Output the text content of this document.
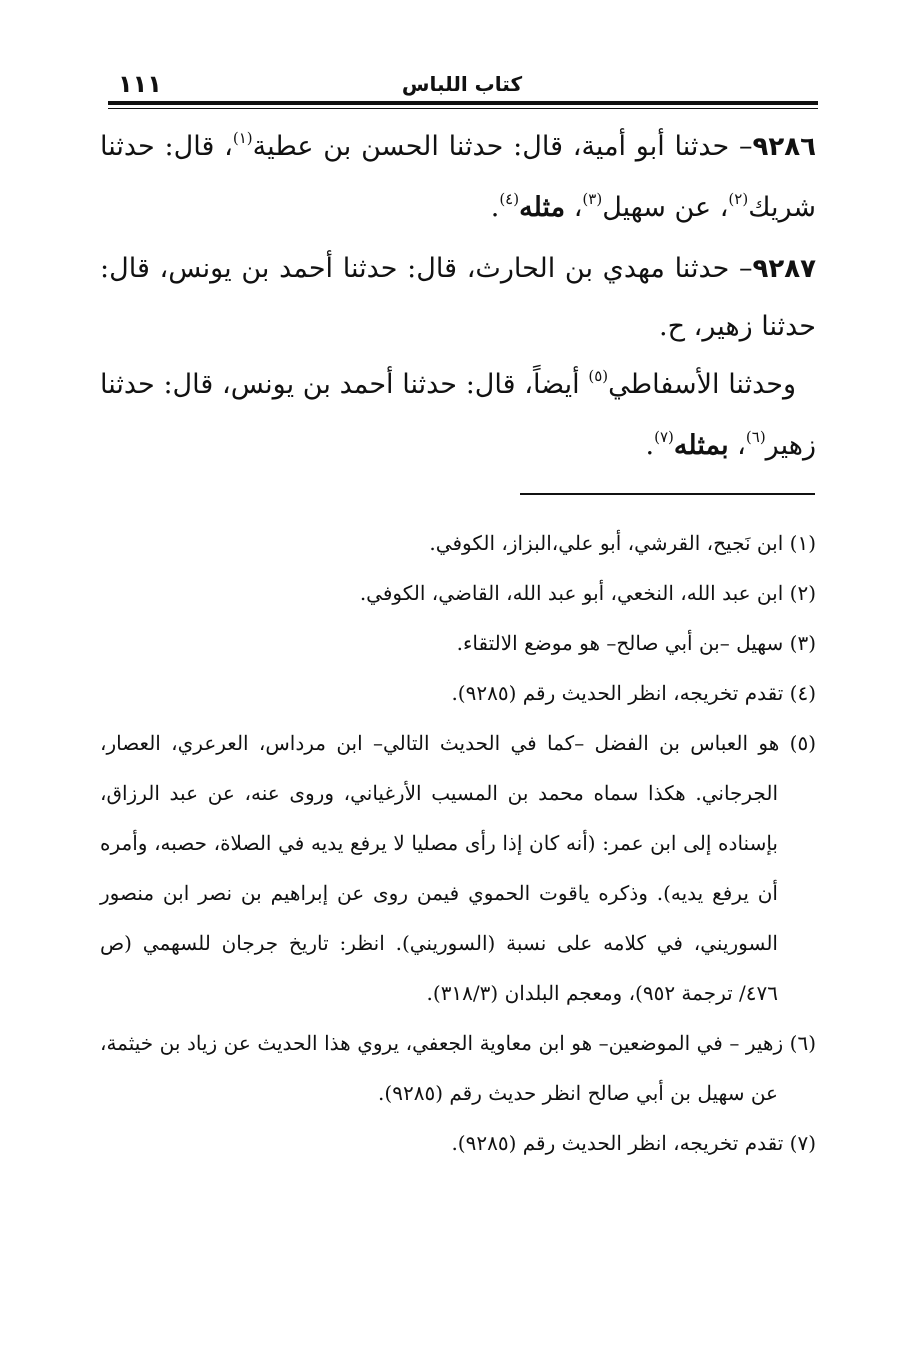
كتاب اللباس
١١١

٩٢٨٦– حدثنا أبو أمية، قال: حدثنا الحسن بن عطية$^{(١)}$، قال: حدثنا شريك$^{(٢)}$، عن سهيل$^{(٣)}$، مثله$^{(٤)}$.

٩٢٨٧– حدثنا مهدي بن الحارث، قال: حدثنا أحمد بن يونس، قال: حدثنا زهير، ح.

وحدثنا الأسفاطي$^{(٥)}$ أيضاً، قال: حدثنا أحمد بن يونس، قال: حدثنا زهير$^{(٦)}$، بمثله$^{(٧)}$.

(١) ابن نَجيح، القرشي، أبو علي،البزاز، الكوفي.

(٢) ابن عبد الله، النخعي، أبو عبد الله، القاضي، الكوفي.

(٣) سهيل –بن أبي صالح– هو موضع الالتقاء.

(٤) تقدم تخريجه، انظر الحديث رقم (٩٢٨٥).

(٥) هو العباس بن الفضل –كما في الحديث التالي– ابن مرداس، العرعري، العصار، الجرجاني. هكذا سماه محمد بن المسيب الأرغياني، وروى عنه، عن عبد الرزاق، بإسناده إلى ابن عمر: (أنه كان إذا رأى مصليا لا يرفع يديه في الصلاة، حصبه، وأمره أن يرفع يديه). وذكره ياقوت الحموي فيمن روى عن إبراهيم بن نصر ابن منصور السوريني، في كلامه على نسبة (السوريني). انظر: تاريخ جرجان للسهمي (ص ٤٧٦/ ترجمة ٩٥٢)، ومعجم البلدان (٣١٨/٣).

(٦) زهير – في الموضعين– هو ابن معاوية الجعفي، يروي هذا الحديث عن زياد بن خيثمة، عن سهيل بن أبي صالح انظر حديث رقم (٩٢٨٥).

(٧) تقدم تخريجه، انظر الحديث رقم (٩٢٨٥).
